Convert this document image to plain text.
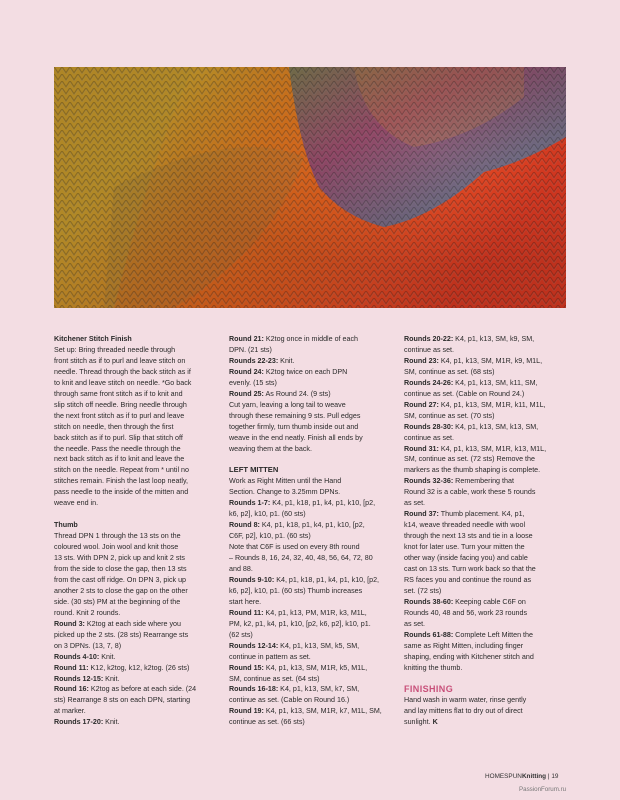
Kitchener Stitch Finish

Set up: Bring threaded needle through

front stitch as if to purl and leave stitch on

needle. Thread through the back stitch as if

to knit and leave stitch on needle. *Go back

through same front stitch as if to knit and

slip stitch off needle. Bring needle through

the next front stitch as if to purl and leave

stitch on needle, then through the first

back stitch as if to purl. Slip that stitch off

the needle. Pass the needle through the

next back stitch as if to knit and leave the

stitch on the needle. Repeat from * until no

stitches remain. Finish the last loop neatly,

pass needle to the inside of the mitten and

weave end in.

Thumb

Thread DPN 1 through the 13 sts on the

coloured wool. Join wool and knit those

13 sts. With DPN 2, pick up and knit 2 sts

from the side to close the gap, then 13 sts

from the cast off ridge. On DPN 3, pick up

another 2 sts to close the gap on the other

side. (30 sts) PM at the beginning of the

round. Knit 2 rounds.

Round 3: K2tog at each side where you

picked up the 2 sts. (28 sts) Rearrange sts

on 3 DPNs. (13, 7, 8)

Rounds 4-10: Knit.

Round 11: K12, k2tog, k12, k2tog. (26 sts)

Rounds 12-15: Knit.

Round 16: K2tog as before at each side. (24

sts) Rearrange 8 sts on each DPN, starting

at marker.

Rounds 17-20: Knit.

Round 21: K2tog once in middle of each

DPN. (21 sts)

Rounds 22-23: Knit.

Round 24: K2tog twice on each DPN

evenly. (15 sts)

Round 25: As Round 24. (9 sts)

Cut yarn, leaving a long tail to weave

through these remaining 9 sts. Pull edges

together firmly, turn thumb inside out and

weave in the end neatly. Finish all ends by

weaving them at the back.

LEFT MITTEN

Work as Right Mitten until the Hand

Section. Change to 3.25mm DPNs.

Rounds 1-7: K4, p1, k18, p1, k4, p1, k10, [p2,

k6, p2], k10, p1. (60 sts)

Round 8: K4, p1, k18, p1, k4, p1, k10, [p2,

C6F, p2], k10, p1. (60 sts)

Note that C6F is used on every 8th round

– Rounds 8, 16, 24, 32, 40, 48, 56, 64, 72, 80

and 88.

Rounds 9-10: K4, p1, k18, p1, k4, p1, k10, [p2,

k6, p2], k10, p1. (60 sts) Thumb increases

start here.

Round 11: K4, p1, k13, PM, M1R, k3, M1L,

PM, k2, p1, k4, p1, k10, [p2, k6, p2], k10, p1.

(62 sts)

Rounds 12-14: K4, p1, k13, SM, k5, SM,

continue in pattern as set.

Round 15: K4, p1, k13, SM, M1R, k5, M1L,

SM, continue as set. (64 sts)

Rounds 16-18: K4, p1, k13, SM, k7, SM,

continue as set. (Cable on Round 16.)

Round 19: K4, p1, k13, SM, M1R, k7, M1L, SM,

continue as set. (66 sts)

Rounds 20-22: K4, p1, k13, SM, k9, SM,

continue as set.

Round 23: K4, p1, k13, SM, M1R, k9, M1L,

SM, continue as set. (68 sts)

Rounds 24-26: K4, p1, k13, SM, k11, SM,

continue as set. (Cable on Round 24.)

Round 27: K4, p1, k13, SM, M1R, k11, M1L,

SM, continue as set. (70 sts)

Rounds 28-30: K4, p1, k13, SM, k13, SM,

continue as set.

Round 31: K4, p1, k13, SM, M1R, k13, M1L,

SM, continue as set. (72 sts) Remove the

markers as the thumb shaping is complete.

Rounds 32-36: Remembering that

Round 32 is a cable, work these 5 rounds

as set.

Round 37: Thumb placement. K4, p1,

k14, weave threaded needle with wool

through the next 13 sts and tie in a loose

knot for later use. Turn your mitten the

other way (inside facing you) and cable

cast on 13 sts. Turn work back so that the

RS faces you and continue the round as

set. (72 sts)

Rounds 38-60: Keeping cable C6F on

Rounds 40, 48 and 56, work 23 rounds

as set.

Rounds 61-88: Complete Left Mitten the

same as Right Mitten, including finger

shaping, ending with Kitchener stitch and

knitting the thumb.

FINISHING

Hand wash in warm water, rinse gently

and lay mittens flat to dry out of direct

sunlight. K

HOMESPUNKnitting | 19
PassionForum.ru
